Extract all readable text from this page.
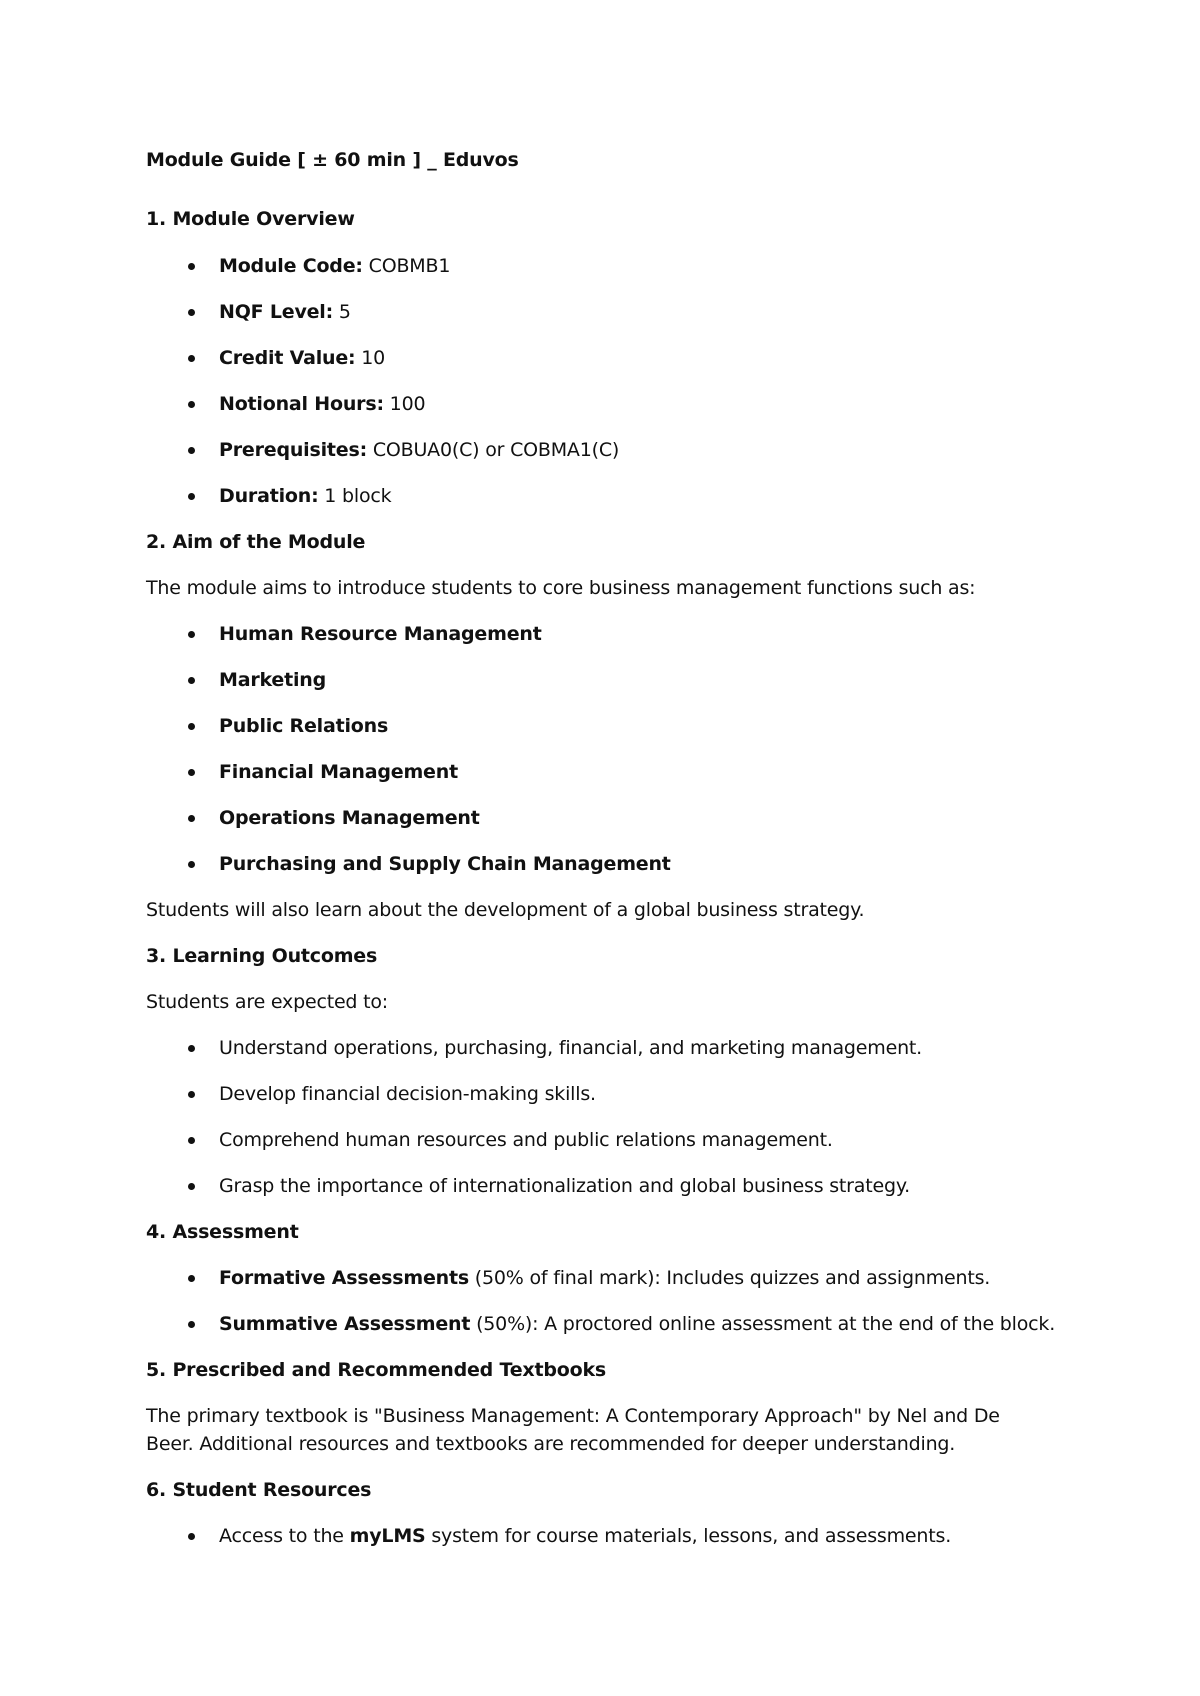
Module Guide [ ± 60 min ] _ Eduvos
1. Module Overview
Module Code: COBMB1
NQF Level: 5
Credit Value: 10
Notional Hours: 100
Prerequisites: COBUA0(C) or COBMA1(C)
Duration: 1 block
2. Aim of the Module
The module aims to introduce students to core business management functions such as:
Human Resource Management
Marketing
Public Relations
Financial Management
Operations Management
Purchasing and Supply Chain Management
Students will also learn about the development of a global business strategy.
3. Learning Outcomes
Students are expected to:
Understand operations, purchasing, financial, and marketing management.
Develop financial decision-making skills.
Comprehend human resources and public relations management.
Grasp the importance of internationalization and global business strategy.
4. Assessment
Formative Assessments (50% of final mark): Includes quizzes and assignments.
Summative Assessment (50%): A proctored online assessment at the end of the block.
5. Prescribed and Recommended Textbooks
The primary textbook is "Business Management: A Contemporary Approach" by Nel and De
Beer. Additional resources and textbooks are recommended for deeper understanding.
6. Student Resources
Access to the myLMS system for course materials, lessons, and assessments.
